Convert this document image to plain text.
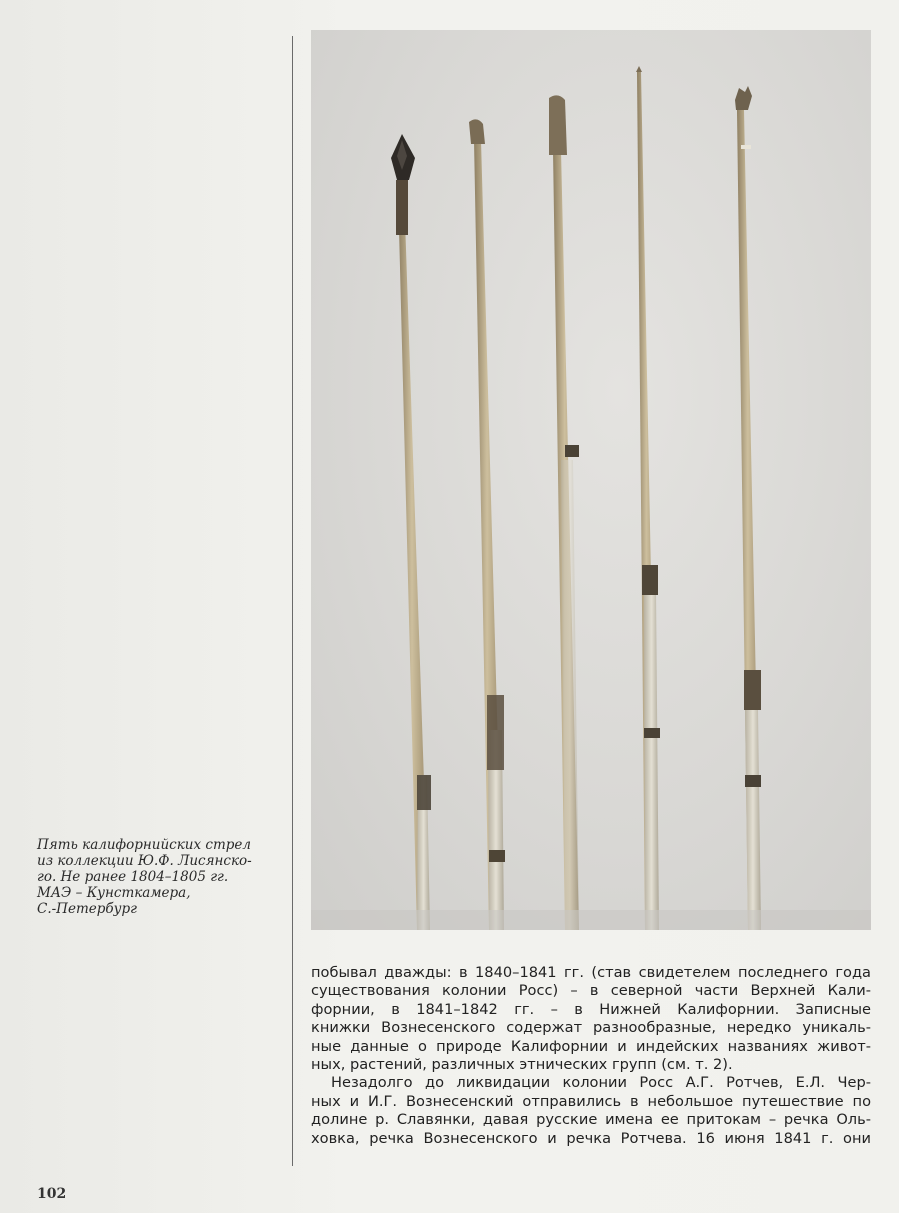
Пять калифорнийских стрел
из коллекции Ю.Ф. Лисянско-
го. Не ранее 1804–1805 гг.
МАЭ – Кунсткамера,
С.-Петербург
побывал дважды: в 1840–1841 гг. (став свидетелем последнего года
существования колонии Росс) – в северной части Верхней Кали-
форнии, в 1841–1842 гг. – в Нижней Калифорнии. Записные
книжки Вознесенского содержат разнообразные, нередко уникаль-
ные данные о природе Калифорнии и индейских названиях живот-
ных, растений, различных этнических групп (см. т. 2).
Незадолго до ликвидации колонии Росс А.Г. Ротчев, Е.Л. Чер-
ных и И.Г. Вознесенский отправились в небольшое путешествие по
долине р. Славянки, давая русские имена ее притокам – речка Оль-
ховка, речка Вознесенского и речка Ротчева. 16 июня 1841 г. они
102
